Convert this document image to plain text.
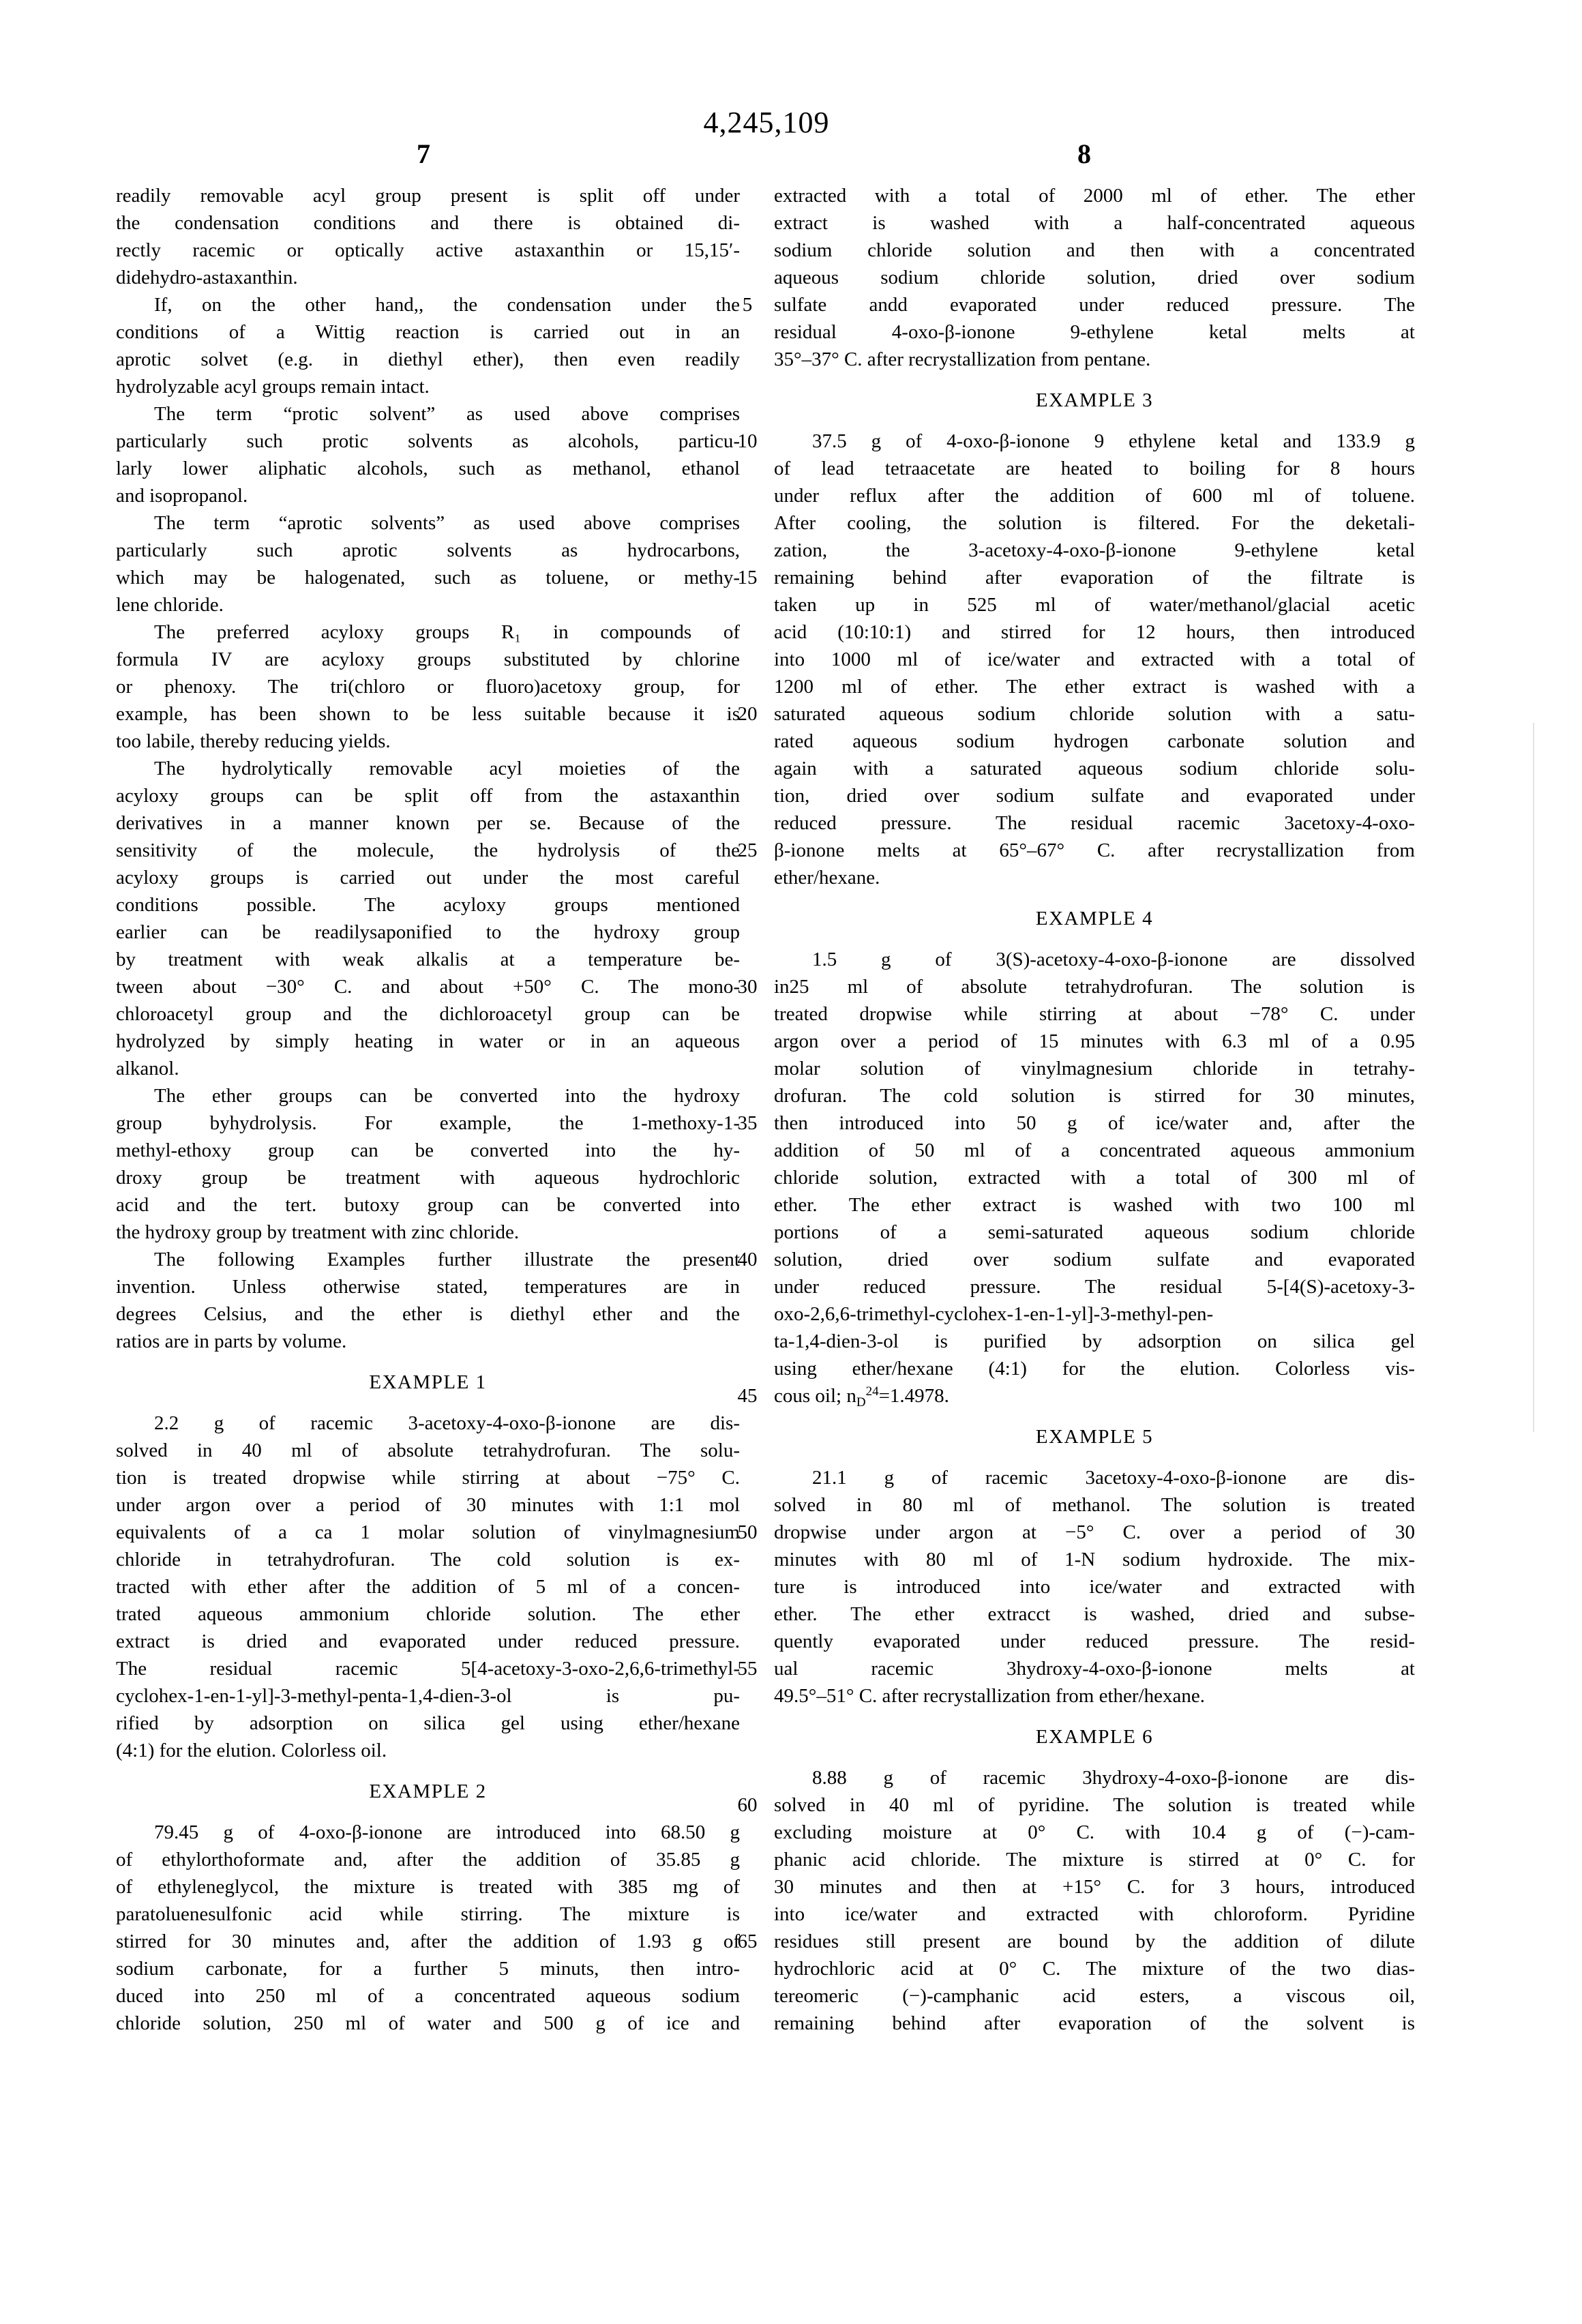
4,245,109
7	8
readily removable acyl group present is split off under
the condensation conditions and there is obtained di-
rectly racemic or optically active astaxanthin or 15,15′-
didehydro-astaxanthin.
If, on the other hand,, the condensation under the
conditions of a Wittig reaction is carried out in an
aprotic solvet (e.g. in diethyl ether), then even readily
hydrolyzable acyl groups remain intact.
The term “protic solvent” as used above comprises
particularly such protic solvents as alcohols, particu-
larly lower aliphatic alcohols, such as methanol, ethanol
and isopropanol.
The term “aprotic solvents” as used above comprises
particularly such aprotic solvents as hydrocarbons,
which may be halogenated, such as toluene, or methy-
lene chloride.
The preferred acyloxy groups R₁ in compounds of
formula IV are acyloxy groups substituted by chlorine
or phenoxy. The tri(chloro or fluoro)acetoxy group, for
example, has been shown to be less suitable because it is
too labile, thereby reducing yields.
The hydrolytically removable acyl moieties of the
acyloxy groups can be split off from the astaxanthin
derivatives in a manner known per se. Because of the
sensitivity of the molecule, the hydrolysis of the
acyloxy groups is carried out under the most careful
conditions possible. The acyloxy groups mentioned
earlier can be readilysaponified to the hydroxy group
by treatment with weak alkalis at a temperature be-
tween about −30° C. and about +50° C. The mono-
chloroacetyl group and the dichloroacetyl group can be
hydrolyzed by simply heating in water or in an aqueous
alkanol.
The ether groups can be converted into the hydroxy
group byhydrolysis. For example, the 1-methoxy-1-
methyl-ethoxy group can be converted into the hy-
droxy group be treatment with aqueous hydrochloric
acid and the tert. butoxy group can be converted into
the hydroxy group by treatment with zinc chloride.
The following Examples further illustrate the present
invention. Unless otherwise stated, temperatures are in
degrees Celsius, and the ether is diethyl ether and the
ratios are in parts by volume.
EXAMPLE 1
2.2 g of racemic 3-acetoxy-4-oxo-β-ionone are dis-
solved in 40 ml of absolute tetrahydrofuran. The solu-
tion is treated dropwise while stirring at about −75° C.
under argon over a period of 30 minutes with 1:1 mol
equivalents of a ca 1 molar solution of vinylmagnesium
chloride in tetrahydrofuran. The cold solution is ex-
tracted with ether after the addition of 5 ml of a concen-
trated aqueous ammonium chloride solution. The ether
extract is dried and evaporated under reduced pressure.
The residual racemic 5[4-acetoxy-3-oxo-2,6,6-trimethyl-
cyclohex-1-en-1-yl]-3-methyl-penta-1,4-dien-3-ol is pu-
rified by adsorption on silica gel using ether/hexane
(4:1) for the elution. Colorless oil.
EXAMPLE 2
79.45 g of 4-oxo-β-ionone are introduced into 68.50 g
of ethylorthoformate and, after the addition of 35.85 g
of ethyleneglycol, the mixture is treated with 385 mg of
paratoluenesulfonic acid while stirring. The mixture is
stirred for 30 minutes and, after the addition of 1.93 g of
sodium carbonate, for a further 5 minuts, then intro-
duced into 250 ml of a concentrated aqueous sodium
chloride solution, 250 ml of water and 500 g of ice and
extracted with a total of 2000 ml of ether. The ether
extract is washed with a half-concentrated aqueous
sodium chloride solution and then with a concentrated
aqueous sodium chloride solution, dried over sodium
sulfate andd evaporated under reduced pressure. The
residual 4-oxo-β-ionone 9-ethylene ketal melts at
35°–37° C. after recrystallization from pentane.
EXAMPLE 3
37.5 g of 4-oxo-β-ionone 9 ethylene ketal and 133.9 g
of lead tetraacetate are heated to boiling for 8 hours
under reflux after the addition of 600 ml of toluene.
After cooling, the solution is filtered. For the deketali-
zation, the 3-acetoxy-4-oxo-β-ionone 9-ethylene ketal
remaining behind after evaporation of the filtrate is
taken up in 525 ml of water/methanol/glacial acetic
acid (10:10:1) and stirred for 12 hours, then introduced
into 1000 ml of ice/water and extracted with a total of
1200 ml of ether. The ether extract is washed with a
saturated aqueous sodium chloride solution with a satu-
rated aqueous sodium hydrogen carbonate solution and
again with a saturated aqueous sodium chloride solu-
tion, dried over sodium sulfate and evaporated under
reduced pressure. The residual racemic 3acetoxy-4-oxo-
β-ionone melts at 65°–67° C. after recrystallization from
ether/hexane.
EXAMPLE 4
1.5 g of 3(S)-acetoxy-4-oxo-β-ionone are dissolved
in25 ml of absolute tetrahydrofuran. The solution is
treated dropwise while stirring at about −78° C. under
argon over a period of 15 minutes with 6.3 ml of a 0.95
molar solution of vinylmagnesium chloride in tetrahy-
drofuran. The cold solution is stirred for 30 minutes,
then introduced into 50 g of ice/water and, after the
addition of 50 ml of a concentrated aqueous ammonium
chloride solution, extracted with a total of 300 ml of
ether. The ether extract is washed with two 100 ml
portions of a semi-saturated aqueous sodium chloride
solution, dried over sodium sulfate and evaporated
under reduced pressure. The residual 5-[4(S)-acetoxy-3-
oxo-2,6,6-trimethyl-cyclohex-1-en-1-yl]-3-methyl-pen-
ta-1,4-dien-3-ol is purified by adsorption on silica gel
using ether/hexane (4:1) for the elution. Colorless vis-
cous oil; $n_D^{24}=1.4978$.
EXAMPLE 5
21.1 g of racemic 3acetoxy-4-oxo-β-ionone are dis-
solved in 80 ml of methanol. The solution is treated
dropwise under argon at −5° C. over a period of 30
minutes with 80 ml of 1-N sodium hydroxide. The mix-
ture is introduced into ice/water and extracted with
ether. The ether extracct is washed, dried and subse-
quently evaporated under reduced pressure. The resid-
ual racemic 3hydroxy-4-oxo-β-ionone melts at
49.5°–51° C. after recrystallization from ether/hexane.
EXAMPLE 6
8.88 g of racemic 3hydroxy-4-oxo-β-ionone are dis-
solved in 40 ml of pyridine. The solution is treated while
excluding moisture at 0° C. with 10.4 g of (−)-cam-
phanic acid chloride. The mixture is stirred at 0° C. for
30 minutes and then at +15° C. for 3 hours, introduced
into ice/water and extracted with chloroform. Pyridine
residues still present are bound by the addition of dilute
hydrochloric acid at 0° C. The mixture of the two dias-
tereomeric (−)-camphanic acid esters, a viscous oil,
remaining behind after evaporation of the solvent is
5
10
15
20
25
30
35
40
45
50
55
60
65
